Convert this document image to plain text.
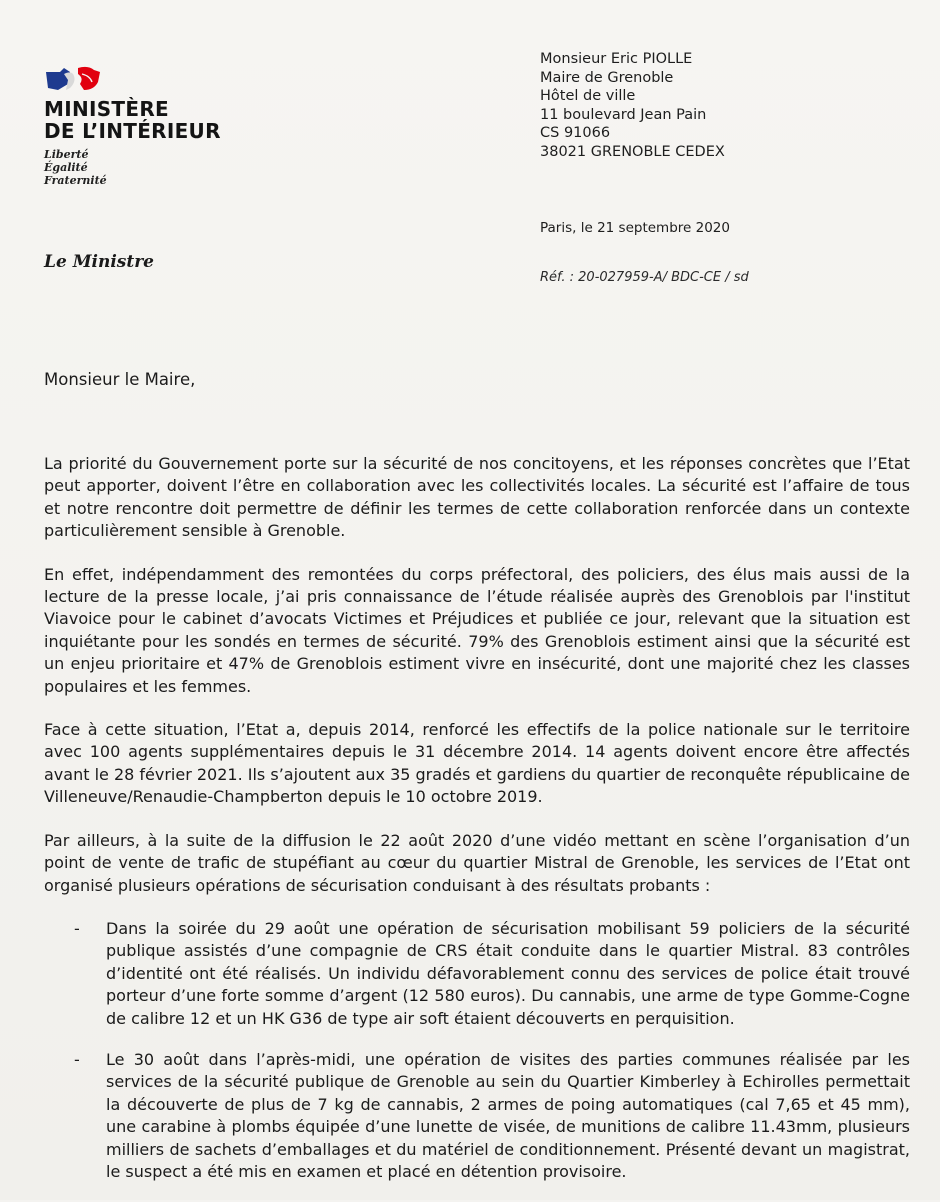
MINISTÈRE
DE L’INTÉRIEUR
Liberté
Égalité
Fraternité
Le Ministre
Monsieur Eric PIOLLE
Maire de Grenoble
Hôtel de ville
11 boulevard Jean Pain
CS 91066
38021 GRENOBLE CEDEX
Paris, le 21 septembre 2020
Réf. : 20-027959-A/ BDC-CE / sd
Monsieur le Maire,

La priorité du Gouvernement porte sur la sécurité de nos concitoyens, et les réponses concrètes que l’Etat peut apporter, doivent l’être en collaboration avec les collectivités locales. La sécurité est l’affaire de tous et notre rencontre doit permettre de définir les termes de cette collaboration renforcée dans un contexte particulièrement sensible à Grenoble.

En effet, indépendamment des remontées du corps préfectoral, des policiers, des élus mais aussi de la lecture de la presse locale, j’ai pris connaissance de l’étude réalisée auprès des Grenoblois par l'institut Viavoice pour le cabinet d’avocats Victimes et Préjudices et publiée ce jour, relevant que la situation est inquiétante pour les sondés en termes de sécurité. 79% des Grenoblois estiment ainsi que la sécurité est un enjeu prioritaire et 47% de Grenoblois estiment vivre en insécurité, dont une majorité chez les classes populaires et les femmes.

Face à cette situation, l’Etat a, depuis 2014, renforcé les effectifs de la police nationale sur le territoire avec 100 agents supplémentaires depuis le 31 décembre 2014. 14 agents doivent encore être affectés avant le 28 février 2021. Ils s’ajoutent aux 35 gradés et gardiens du quartier de reconquête républicaine de Villeneuve/Renaudie-Champberton depuis le 10 octobre 2019.

Par ailleurs, à la suite de la diffusion le 22 août 2020 d’une vidéo mettant en scène l’organisation d’un point de vente de trafic de stupéfiant au cœur du quartier Mistral de Grenoble, les services de l’Etat ont organisé plusieurs opérations de sécurisation conduisant à des résultats probants :

- Dans la soirée du 29 août une opération de sécurisation mobilisant 59 policiers de la sécurité publique assistés d’une compagnie de CRS était conduite dans le quartier Mistral. 83 contrôles d’identité ont été réalisés. Un individu défavorablement connu des services de police était trouvé porteur d’une forte somme d’argent (12 580 euros). Du cannabis, une arme de type Gomme-Cogne de calibre 12 et un HK G36 de type air soft étaient découverts en perquisition.
- Le 30 août dans l’après-midi, une opération de visites des parties communes réalisée par les services de la sécurité publique de Grenoble au sein du Quartier Kimberley à Echirolles permettait la découverte de plus de 7 kg de cannabis, 2 armes de poing automatiques (cal 7,65 et 45 mm), une carabine à plombs équipée d’une lunette de visée, de munitions de calibre 11.43mm, plusieurs milliers de sachets d’emballages et du matériel de conditionnement. Présenté devant un magistrat, le suspect a été mis en examen et placé en détention provisoire.
